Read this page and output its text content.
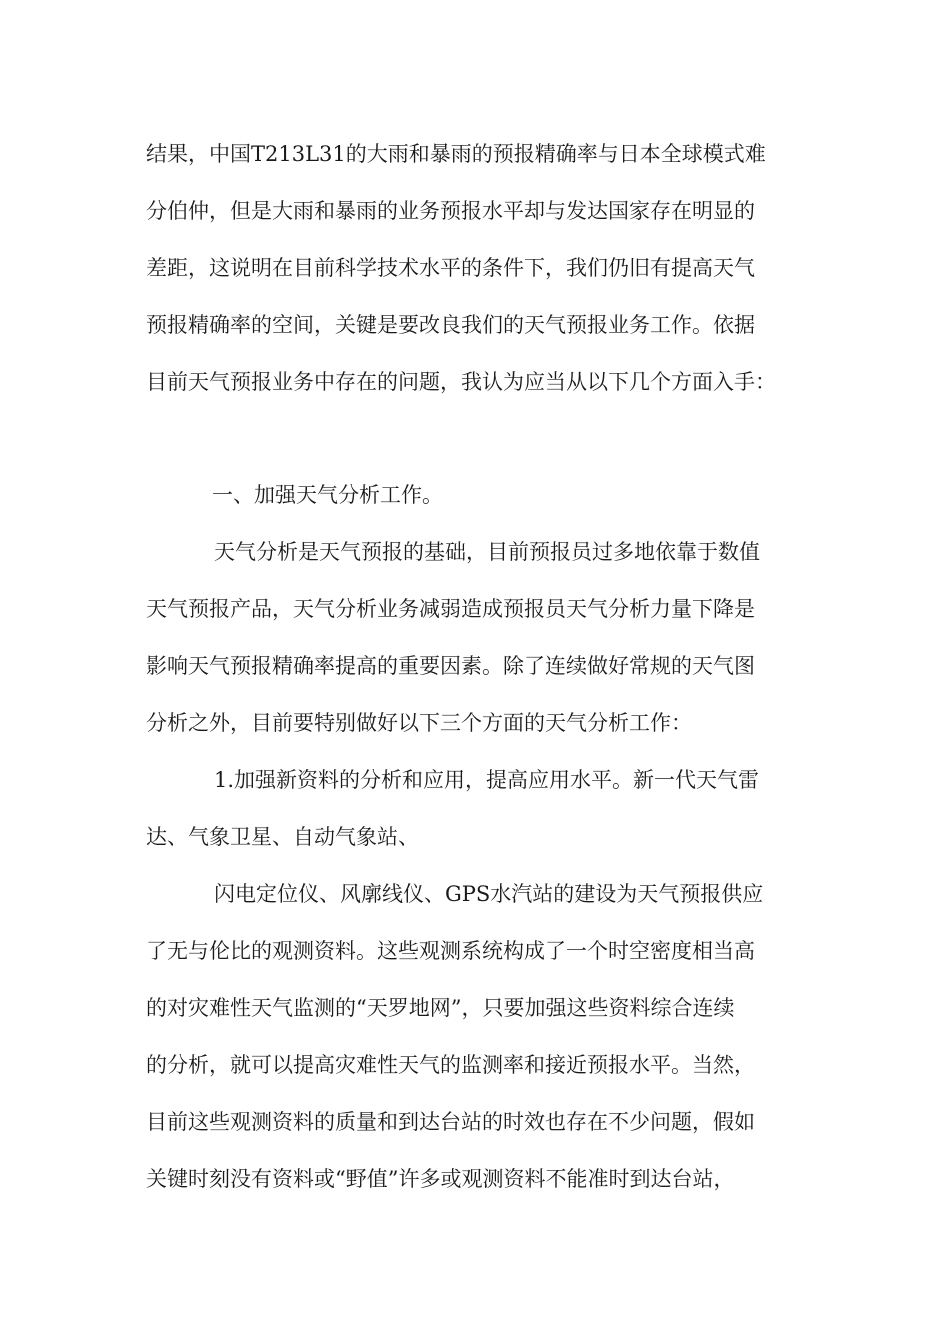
结果，中国T213L31的大雨和暴雨的预报精确率与日本全球模式难
分伯仲，但是大雨和暴雨的业务预报水平却与发达国家存在明显的
差距，这说明在目前科学技术水平的条件下，我们仍旧有提高天气
预报精确率的空间，关键是要改良我们的天气预报业务工作。依据
目前天气预报业务中存在的问题，我认为应当从以下几个方面入手：
一、加强天气分析工作。
天气分析是天气预报的基础，目前预报员过多地依靠于数值
天气预报产品，天气分析业务减弱造成预报员天气分析力量下降是
影响天气预报精确率提高的重要因素。除了连续做好常规的天气图
分析之外，目前要特别做好以下三个方面的天气分析工作：
1.加强新资料的分析和应用，提高应用水平。新一代天气雷
达、气象卫星、自动气象站、
闪电定位仪、风廓线仪、GPS水汽站的建设为天气预报供应
了无与伦比的观测资料。这些观测系统构成了一个时空密度相当高
的对灾难性天气监测的“天罗地网”，只要加强这些资料综合连续
的分析，就可以提高灾难性天气的监测率和接近预报水平。当然，
目前这些观测资料的质量和到达台站的时效也存在不少问题，假如
关键时刻没有资料或“野值”许多或观测资料不能准时到达台站，
